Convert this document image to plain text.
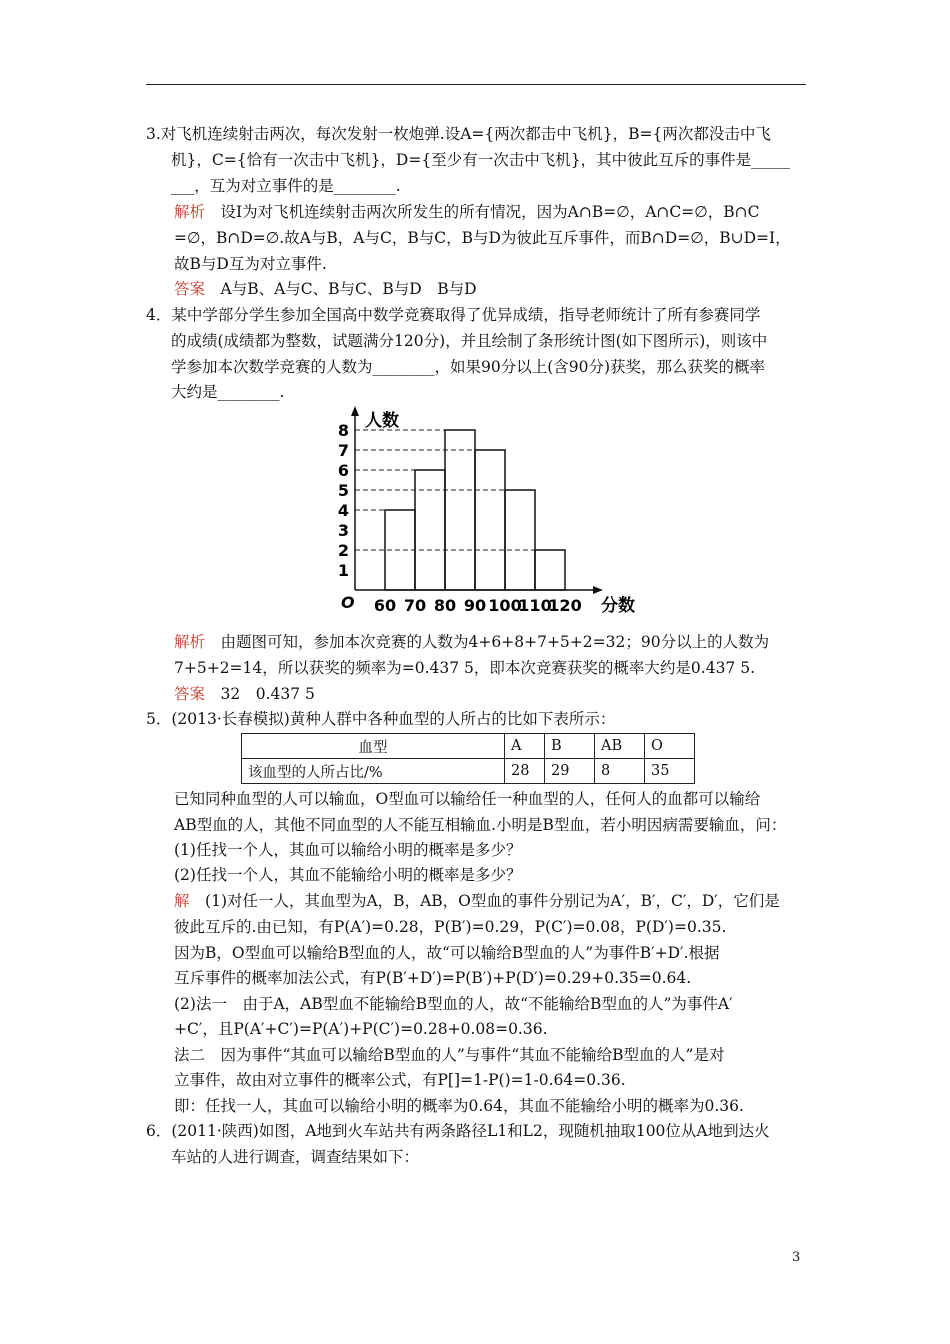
3.对飞机连续射击两次，每次发射一枚炮弹.设A={两次都击中飞机}，B={两次都没击中飞
机}，C={恰有一次击中飞机}，D={至少有一次击中飞机}，其中彼此互斥的事件是_____
___，互为对立事件的是________.
解析　 设I为对飞机连续射击两次所发生的所有情况，因为A∩B=∅，A∩C=∅，B∩C
=∅，B∩D=∅.故A与B，A与C，B与C，B与D为彼此互斥事件，而B∩D=∅，B∪D=I，
故B与D互为对立事件.
答案　 A与B、A与C、B与C、B与D　B与D
4．某中学部分学生参加全国高中数学竞赛取得了优异成绩，指导老师统计了所有参赛同学
的成绩(成绩都为整数，试题满分120分)，并且绘制了条形统计图(如下图所示)，则该中
学参加本次数学竞赛的人数为________，如果90分以上(含90分)获奖，那么获奖的概率
大约是________.
人数
分数
O
1
2
3
4
5
6
7
8
60 70 80 90 100
110
120
解析　 由题图可知，参加本次竞赛的人数为4+6+8+7+5+2=32；90分以上的人数为
7+5+2=14，所以获奖的频率为=0.437 5，即本次竞赛获奖的概率大约是0.437 5.
答案　 32　0.437 5
5．(2013·长春模拟)黄种人群中各种血型的人所占的比如下表所示：
血型	A	B	AB	O
该血型的人所占比/%	28	29	8	35
已知同种血型的人可以输血，O型血可以输给任一种血型的人，任何人的血都可以输给
AB型血的人，其他不同血型的人不能互相输血.小明是B型血，若小明因病需要输血，问：
(1)任找一个人，其血可以输给小明的概率是多少？
(2)任找一个人，其血不能输给小明的概率是多少？
解　 (1)对任一人，其血型为A，B，AB，O型血的事件分别记为A′，B′，C′，D′，它们是
彼此互斥的.由已知，有P(A′)=0.28，P(B′)=0.29，P(C′)=0.08，P(D′)=0.35.
因为B，O型血可以输给B型血的人，故“可以输给B型血的人”为事件B′+D′.根据
互斥事件的概率加法公式，有P(B′+D′)=P(B′)+P(D′)=0.29+0.35=0.64.
(2)法一　由于A，AB型血不能输给B型血的人，故“不能输给B型血的人”为事件A′
+C′，且P(A′+C′)=P(A′)+P(C′)=0.28+0.08=0.36.
法二　因为事件“其血可以输给B型血的人”与事件“其血不能输给B型血的人”是对
立事件，故由对立事件的概率公式，有P[]=1-P()=1-0.64=0.36.
即：任找一人，其血可以输给小明的概率为0.64，其血不能输给小明的概率为0.36.
6．(2011·陕西)如图，A地到火车站共有两条路径L1和L2，现随机抽取100位从A地到达火
车站的人进行调查，调查结果如下：
3
